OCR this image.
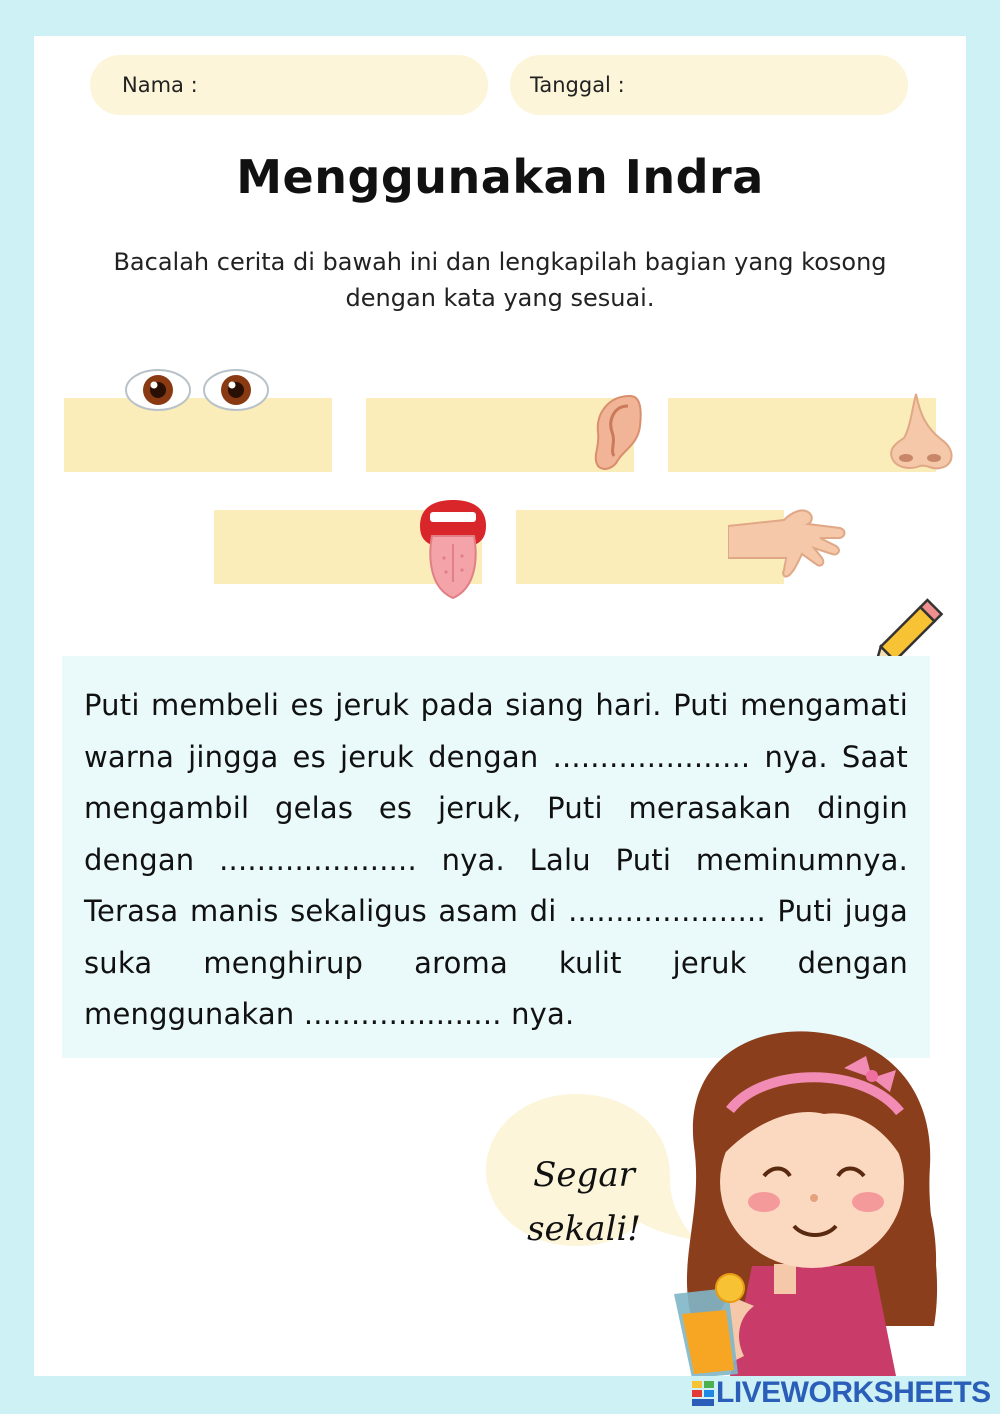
Nama :	Tanggal :
Menggunakan Indra
Bacalah cerita di bawah ini dan lengkapilah bagian yang kosong dengan kata yang sesuai.

Puti membeli es jeruk pada siang hari. Puti mengamati warna jingga es jeruk dengan ..................... nya. Saat mengambil gelas es jeruk, Puti merasakan dingin dengan ..................... nya. Lalu Puti meminumnya. Terasa manis sekaligus asam di ..................... Puti juga suka menghirup aroma kulit jeruk dengan menggunakan ..................... nya.

Segar
sekali!
LIVEWORKSHEETS
